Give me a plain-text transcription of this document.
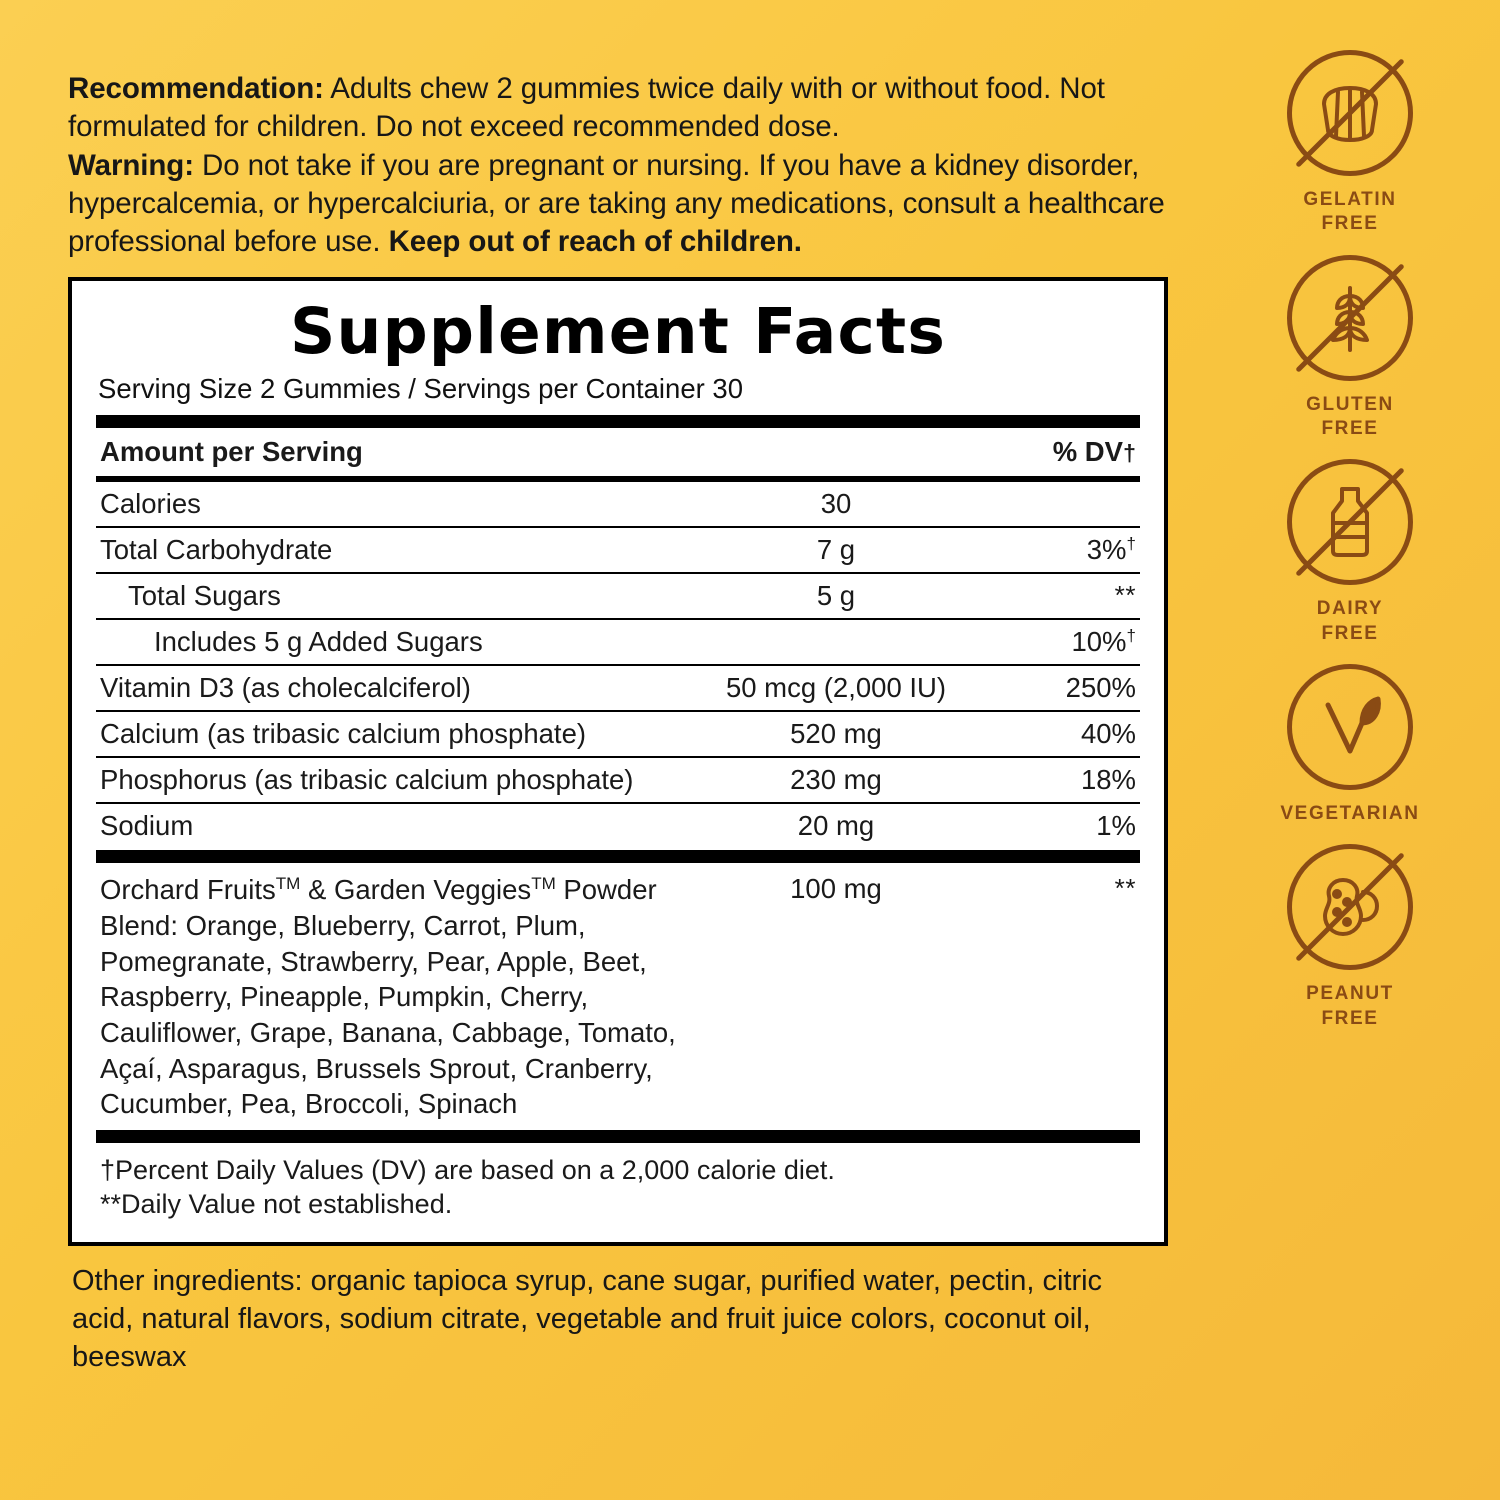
Recommendation: Adults chew 2 gummies twice daily with or without food. Not formulated for children. Do not exceed recommended dose.

Warning: Do not take if you are pregnant or nursing. If you have a kidney disorder, hypercalcemia, or hypercalciuria, or are taking any medications, consult a healthcare professional before use. Keep out of reach of children.

Supplement Facts
Serving Size 2 Gummies / Servings per Container 30
Amount per Serving		% DV†
Calories	30	
Total Carbohydrate	7 g	3%†
Total Sugars	5 g	**
Includes 5 g Added Sugars		10%†
Vitamin D3 (as cholecalciferol)	50 mcg (2,000 IU)	250%
Calcium (as tribasic calcium phosphate)	520 mg	40%
Phosphorus (as tribasic calcium phosphate)	230 mg	18%
Sodium	20 mg	1%
Orchard Fruits™ & Garden Veggies™ Powder
Blend: Orange, Blueberry, Carrot, Plum,
Pomegranate, Strawberry, Pear, Apple, Beet,
Raspberry, Pineapple, Pumpkin, Cherry,
Cauliflower, Grape, Banana, Cabbage, Tomato,
Açaí, Asparagus, Brussels Sprout, Cranberry,
Cucumber, Pea, Broccoli, Spinach
	100 mg	**
†Percent Daily Values (DV) are based on a 2,000 calorie diet.
**Daily Value not established.
Other ingredients: organic tapioca syrup, cane sugar, purified water, pectin, citric acid, natural flavors, sodium citrate, vegetable and fruit juice colors, coconut oil, beeswax
GELATIN
FREE
GLUTEN
FREE
DAIRY
FREE
VEGETARIAN
PEANUT
FREE
